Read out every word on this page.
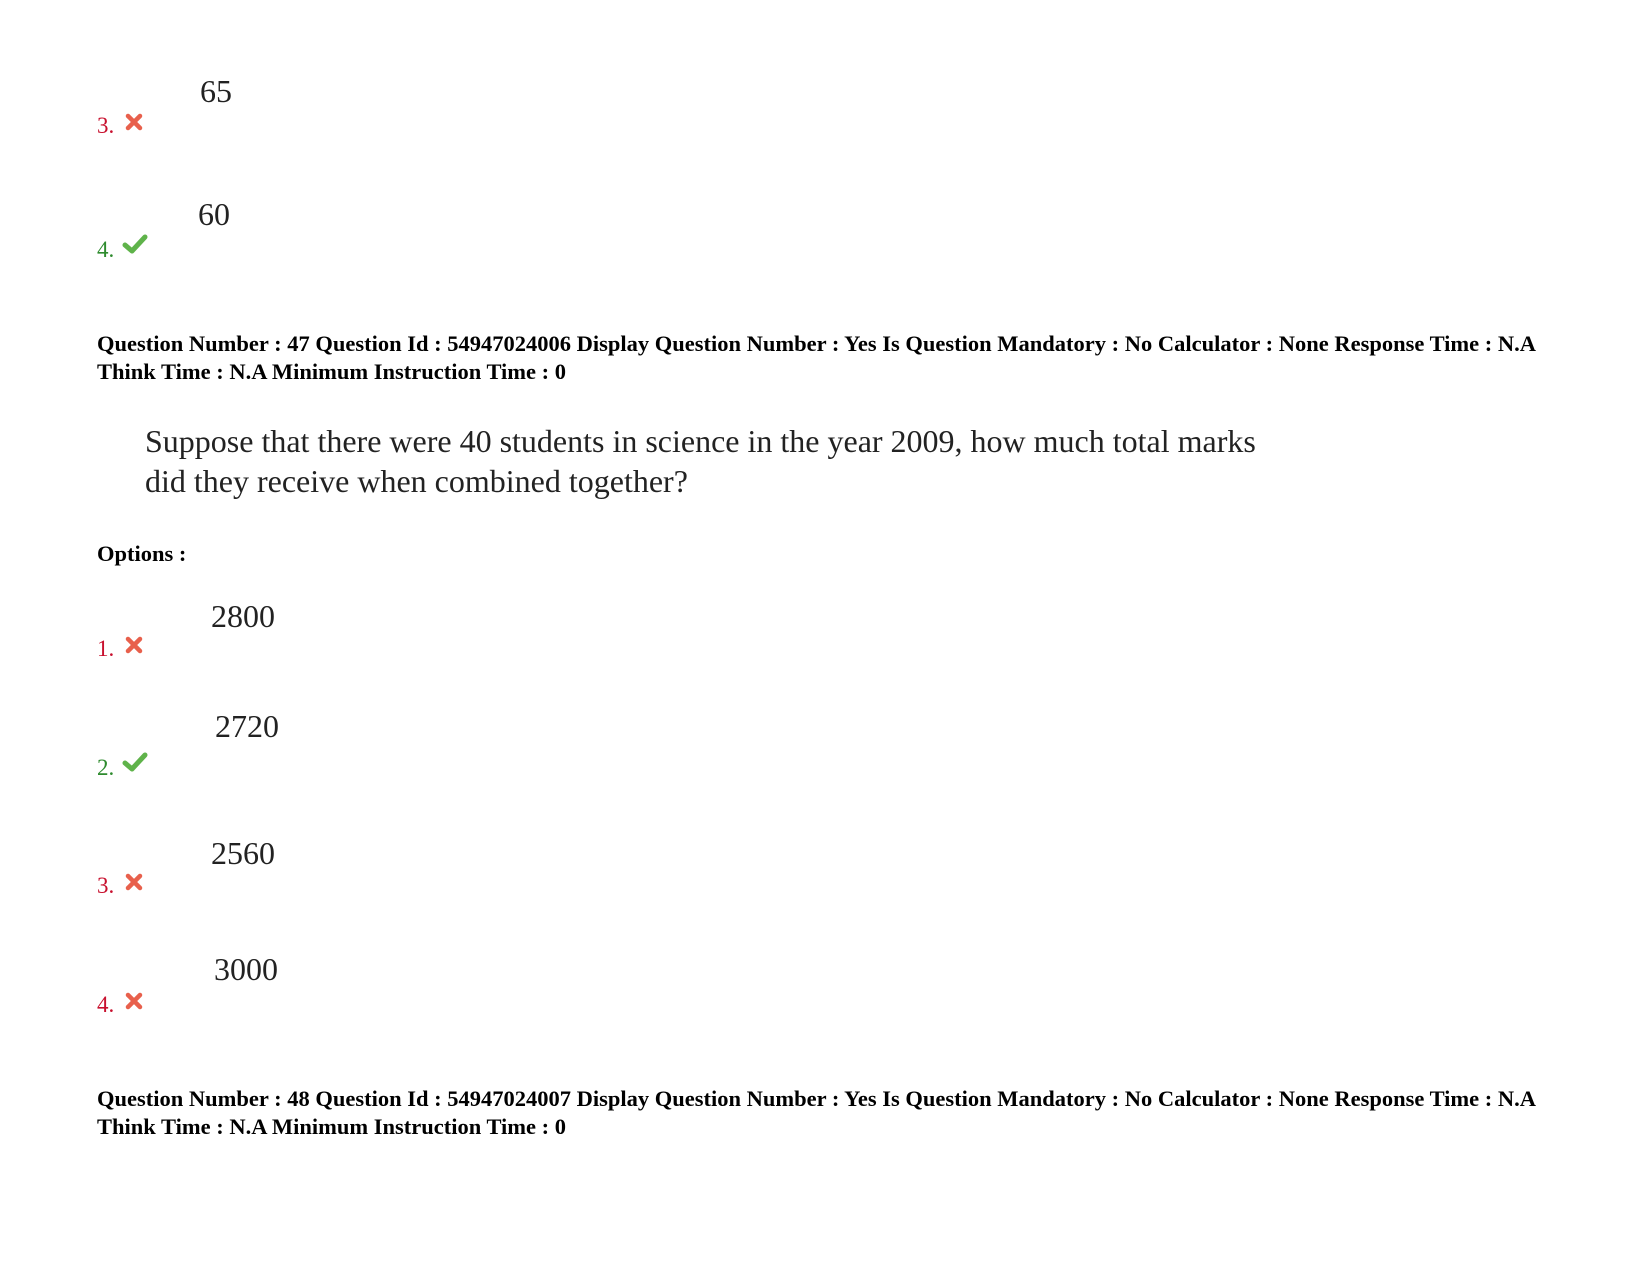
65
3.
60
4.
Question Number : 47 Question Id : 54947024006 Display Question Number : Yes Is Question Mandatory : No Calculator : None Response Time : N.A Think Time : N.A Minimum Instruction Time : 0
Suppose that there were 40 students in science in the year 2009, how much total marks
did they receive when combined together?
Options :
2800
1.
2720
2.
2560
3.
3000
4.
Question Number : 48 Question Id : 54947024007 Display Question Number : Yes Is Question Mandatory : No Calculator : None Response Time : N.A Think Time : N.A Minimum Instruction Time : 0
